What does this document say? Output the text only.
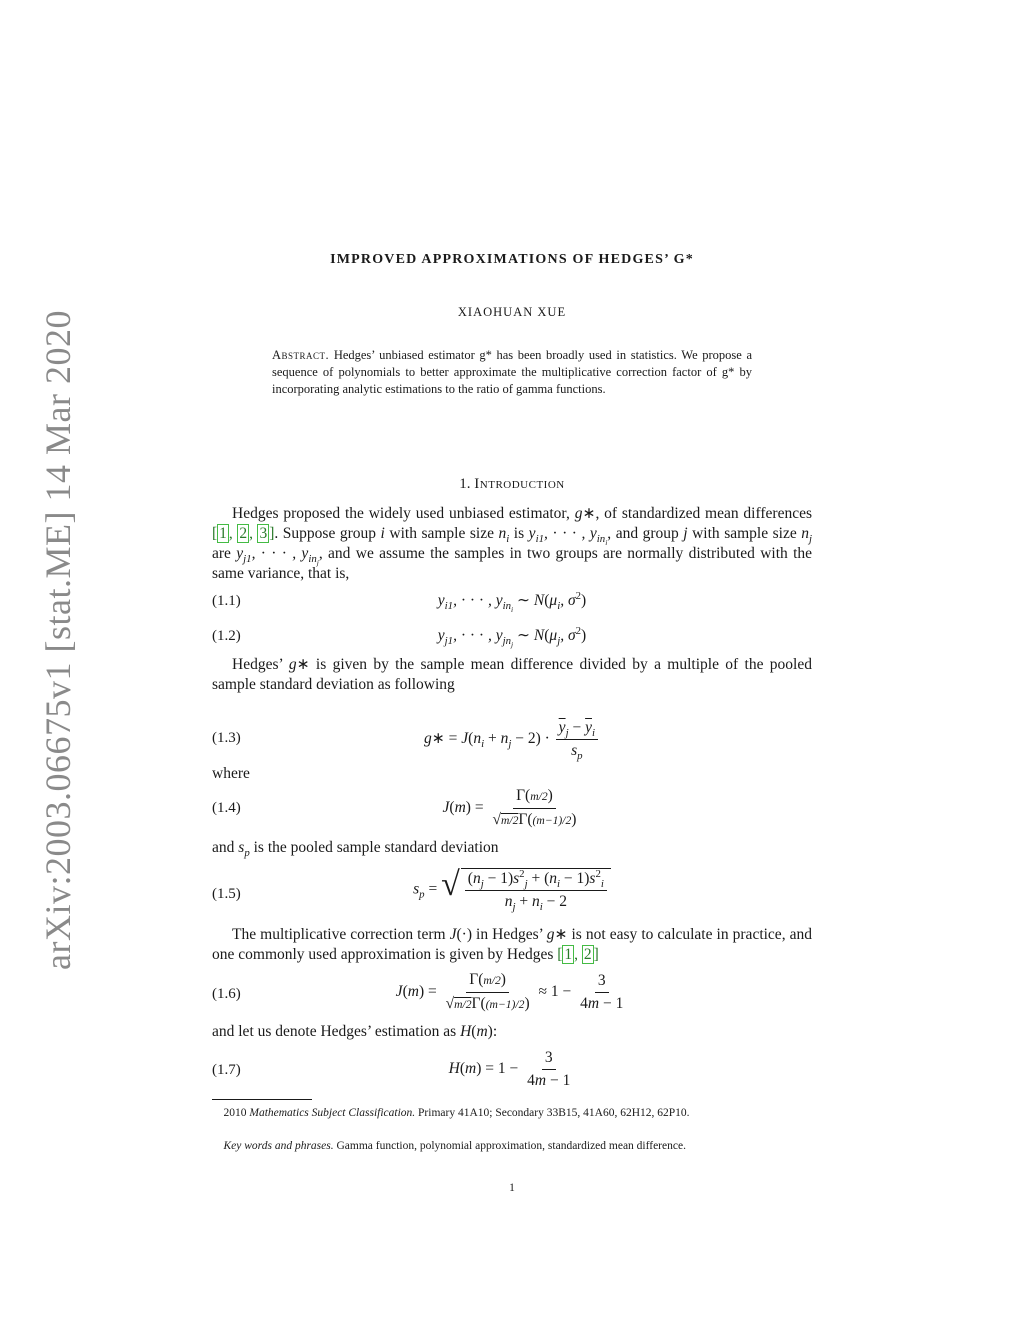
arXiv:2003.06675v1 [stat.ME] 14 Mar 2020
IMPROVED APPROXIMATIONS OF HEDGES’ G*
XIAOHUAN XUE
Abstract. Hedges’ unbiased estimator g* has been broadly used in statistics. We propose a sequence of polynomials to better approximate the multiplicative correction factor of g* by incorporating analytic estimations to the ratio of gamma functions.
1. Introduction
Hedges proposed the widely used unbiased estimator, g∗, of standardized mean differences [ 1 , 2 , 3 ]. Suppose group i with sample size $n_i$ is $y_{i1}$, · · · , $y_{in_i}$, and group j with sample size $n_j$ are $y_{j1}$, · · · , $y_{in_j}$, and we assume the samples in two groups are normally distributed with the same variance, that is,
(1.1)	$y_{i1}$, · · · , $y_{in_i}$ ∼ $N(\mu_i$, $\sigma^2$)
(1.2)	$y_{j1}$, · · · , $y_{jn_j}$ ∼ $N(\mu_j$, $\sigma^2$)
Hedges’ g∗ is given by the sample mean difference divided by a multiple of the pooled sample standard deviation as following
(1.3)	g∗ = $J(n_i + n_j - 2) \cdot \frac{\overline{y}_j - \overline{y}_i}{s_p}$
where
(1.4)	$J(m) = \frac{\Gamma(m/2)}{√m/2\Gamma((m-1)/2)}$
and $s_p$ is the pooled sample standard deviation
(1.5)	$s_p$ = √ $\frac{(n_j - 1)s^2_j + (n_i - 1)s^2_i}{n_j + n_i - 2}$
The multiplicative correction term J(·) in Hedges’ g∗ is not easy to calculate in practice, and one commonly used approximation is given by Hedges [ 1 , 2 ]
(1.6)	$J(m) = \frac{\Gamma(m/2)}{√m/2\Gamma((m-1)/2)} \approx 1 - \frac{3}{4m - 1}$
and let us denote Hedges’ estimation as H(m):
(1.7)	$H(m) = 1 - \frac{3}{4m - 1}$
2010 Mathematics Subject Classification. Primary 41A10; Secondary 33B15, 41A60, 62H12, 62P10.
Key words and phrases. Gamma function, polynomial approximation, standardized mean difference.
1
